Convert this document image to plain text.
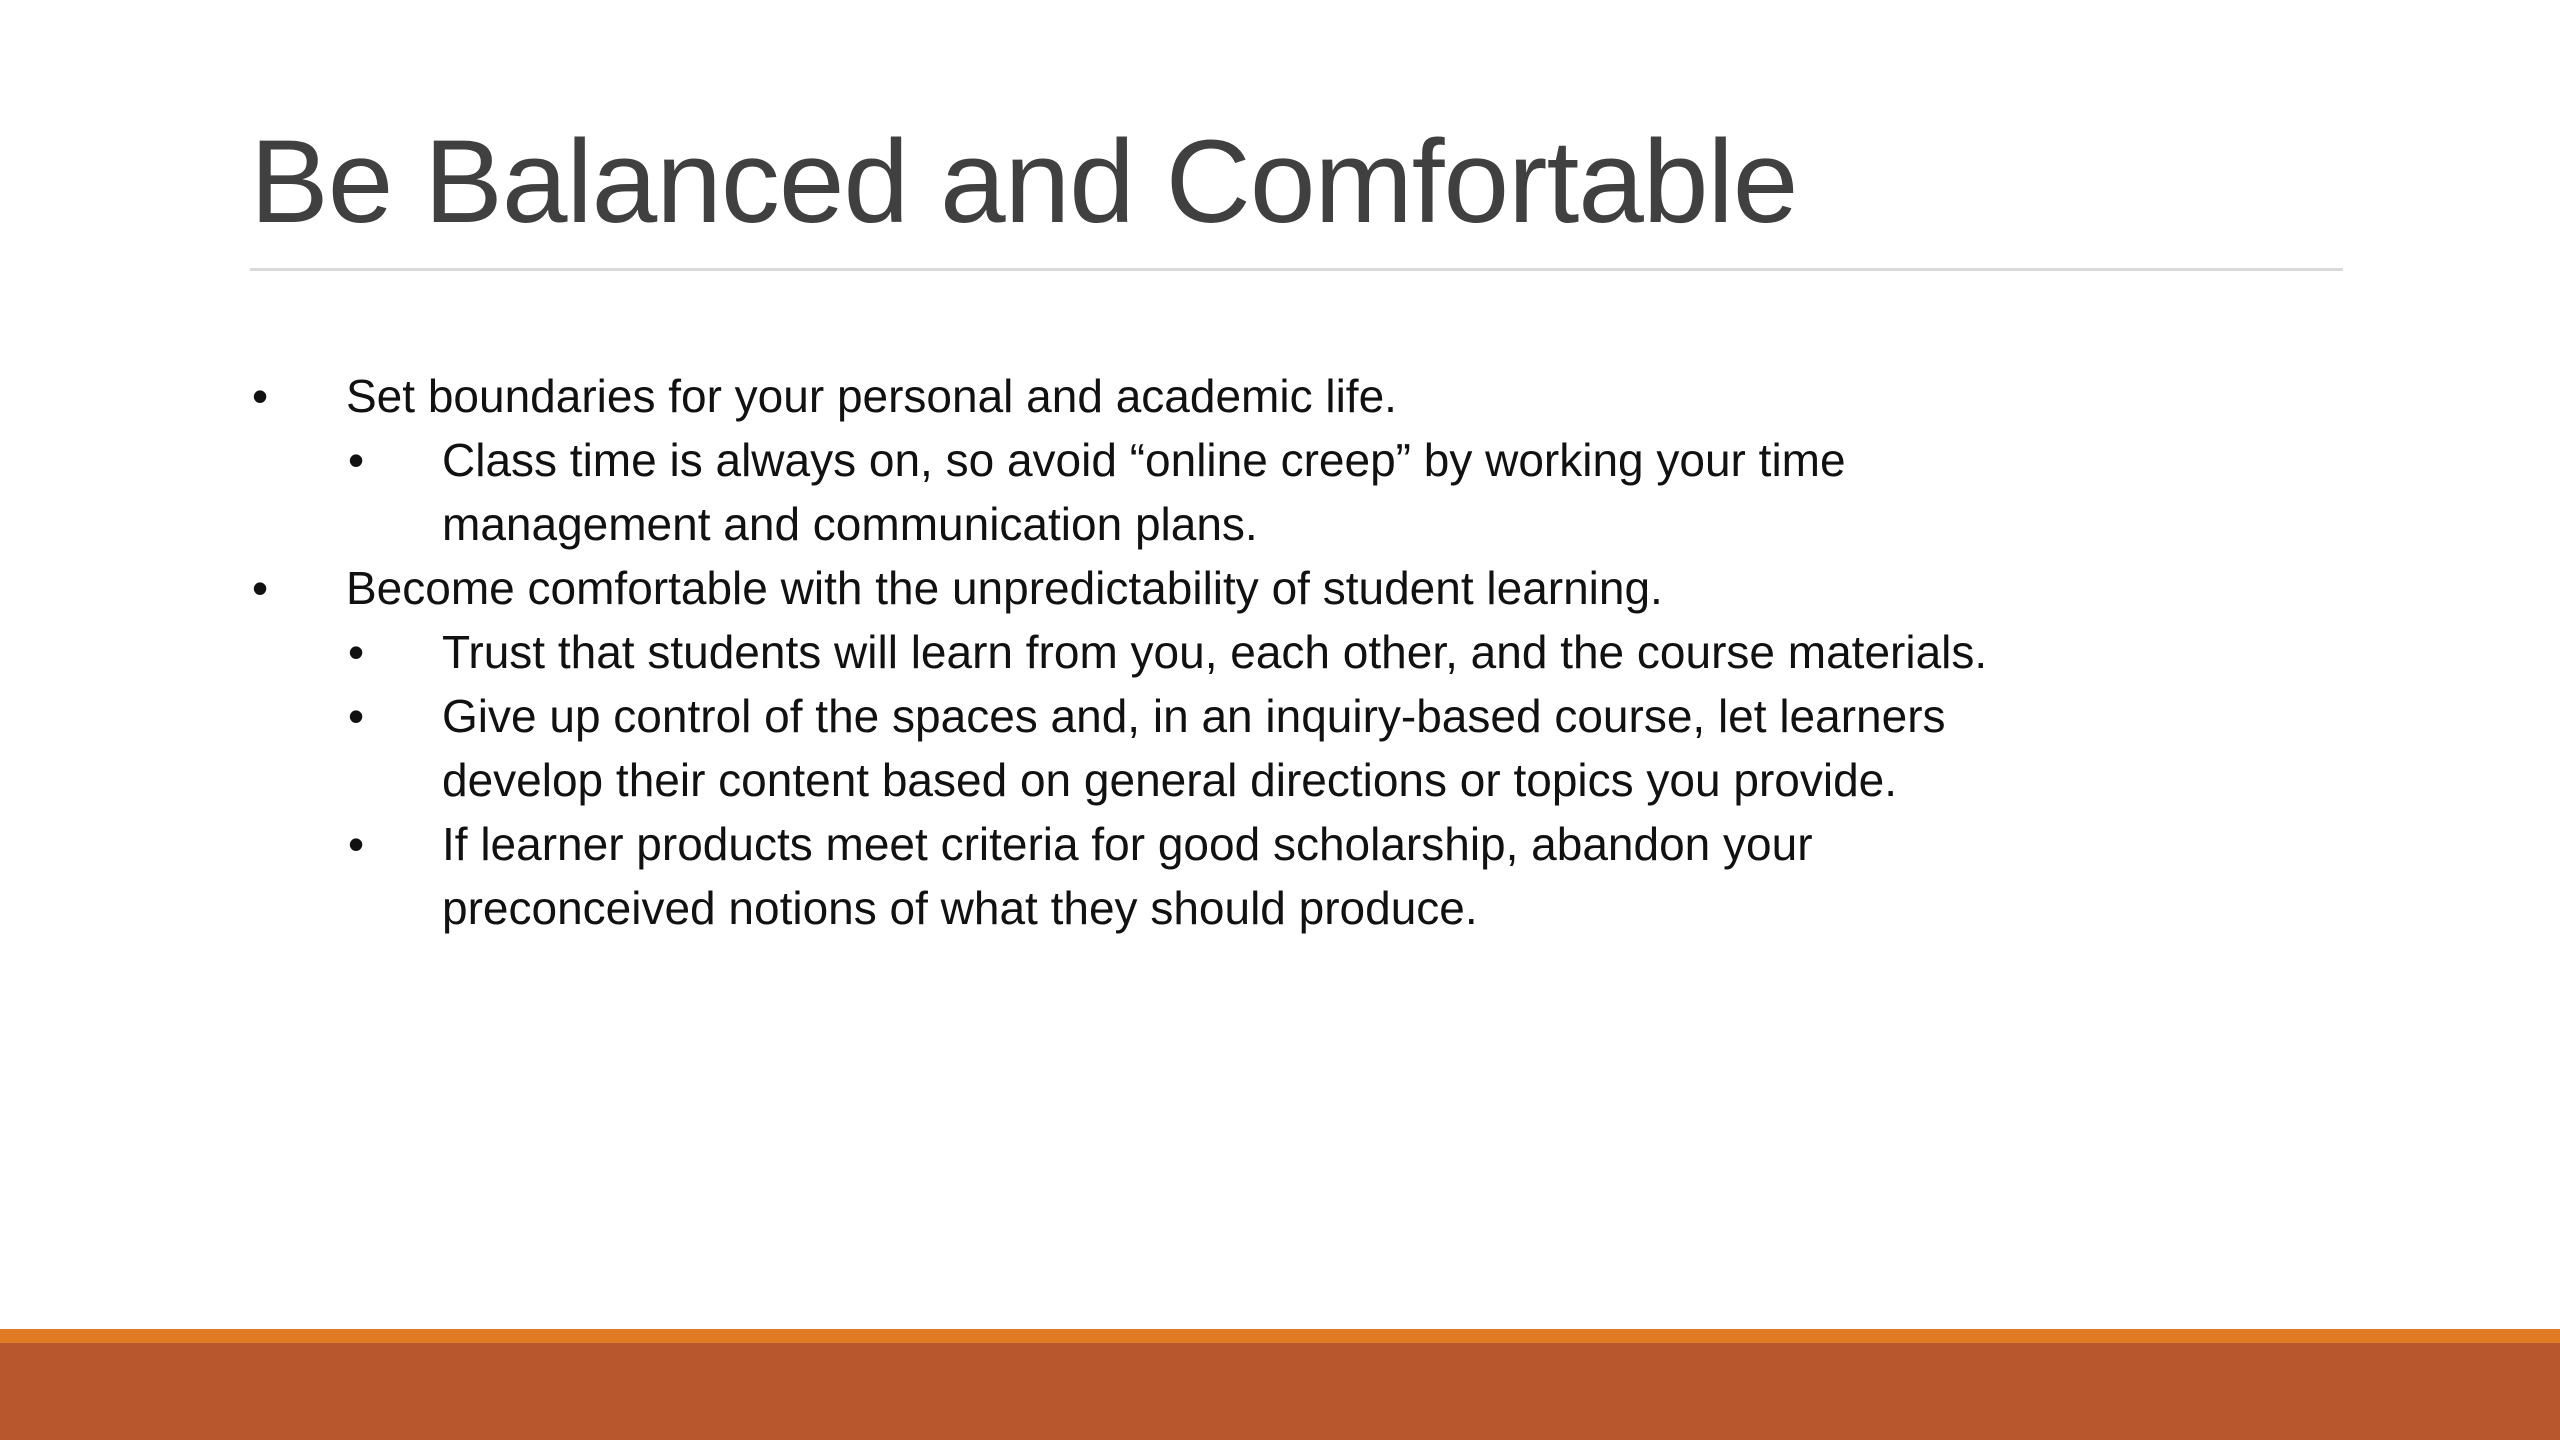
Be Balanced and Comfortable
• Set boundaries for your personal and academic life.
• Class time is always on, so avoid “online creep” by working your time management and communication plans.
• Become comfortable with the unpredictability of student learning.
• Trust that students will learn from you, each other, and the course materials.
• Give up control of the spaces and, in an inquiry-based course, let learners develop their content based on general directions or topics you provide.
• If learner products meet criteria for good scholarship, abandon your preconceived notions of what they should produce.
